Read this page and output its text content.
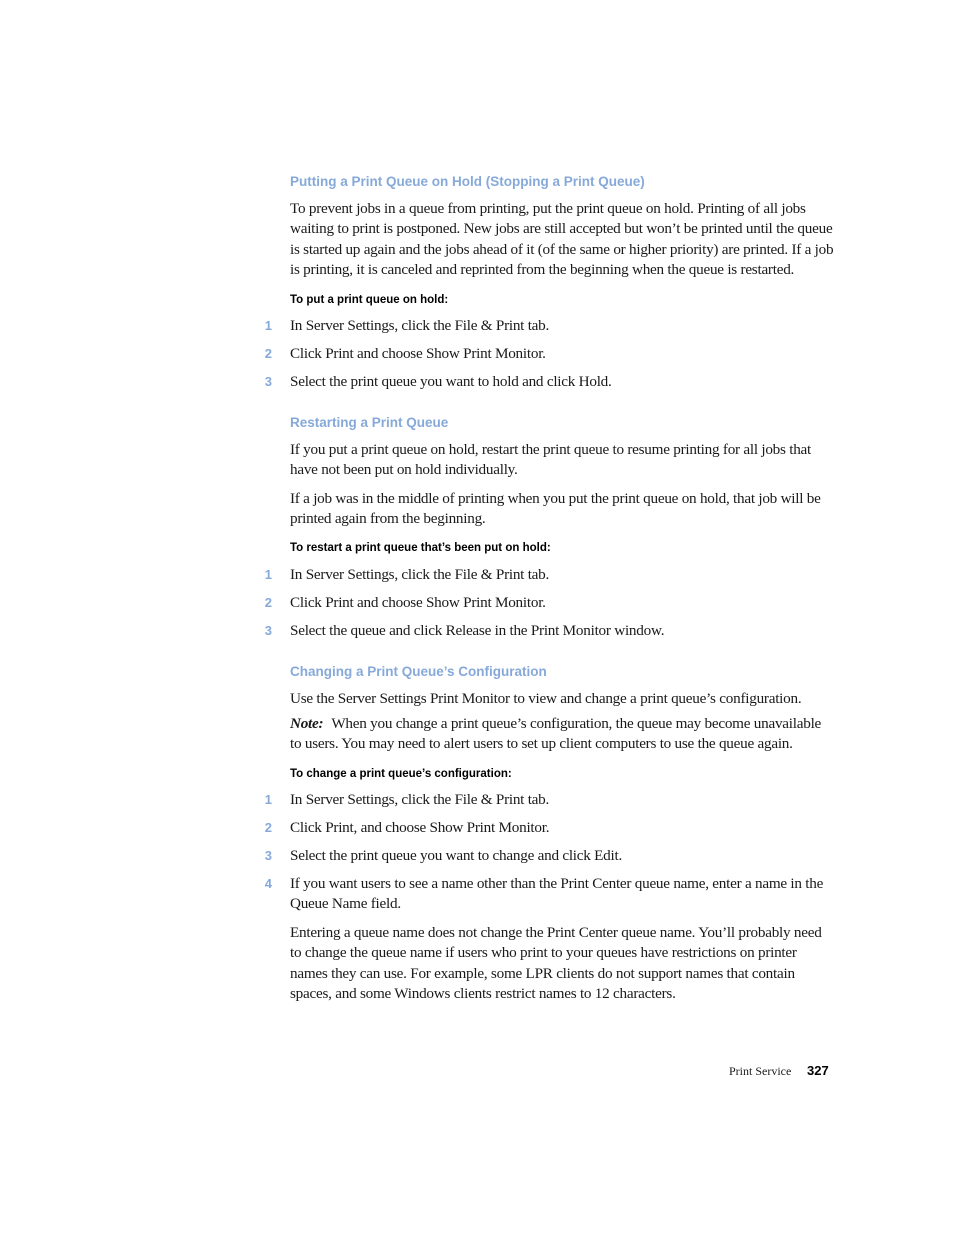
Putting a Print Queue on Hold (Stopping a Print Queue)
To prevent jobs in a queue from printing, put the print queue on hold. Printing of all jobs waiting to print is postponed. New jobs are still accepted but won’t be printed until the queue is started up again and the jobs ahead of it (of the same or higher priority) are printed. If a job is printing, it is canceled and reprinted from the beginning when the queue is restarted.
To put a print queue on hold:
1 In Server Settings, click the File & Print tab.
2 Click Print and choose Show Print Monitor.
3 Select the print queue you want to hold and click Hold.
Restarting a Print Queue
If you put a print queue on hold, restart the print queue to resume printing for all jobs that have not been put on hold individually.
If a job was in the middle of printing when you put the print queue on hold, that job will be printed again from the beginning.
To restart a print queue that’s been put on hold:
1 In Server Settings, click the File & Print tab.
2 Click Print and choose Show Print Monitor.
3 Select the queue and click Release in the Print Monitor window.
Changing a Print Queue’s Configuration
Use the Server Settings Print Monitor to view and change a print queue’s configuration.
Note: When you change a print queue’s configuration, the queue may become unavailable to users. You may need to alert users to set up client computers to use the queue again.
To change a print queue’s configuration:
1 In Server Settings, click the File & Print tab.
2 Click Print, and choose Show Print Monitor.
3 Select the print queue you want to change and click Edit.
4 If you want users to see a name other than the Print Center queue name, enter a name in the Queue Name field.
Entering a queue name does not change the Print Center queue name. You’ll probably need to change the queue name if users who print to your queues have restrictions on printer names they can use. For example, some LPR clients do not support names that contain spaces, and some Windows clients restrict names to 12 characters.
Print Service 327
